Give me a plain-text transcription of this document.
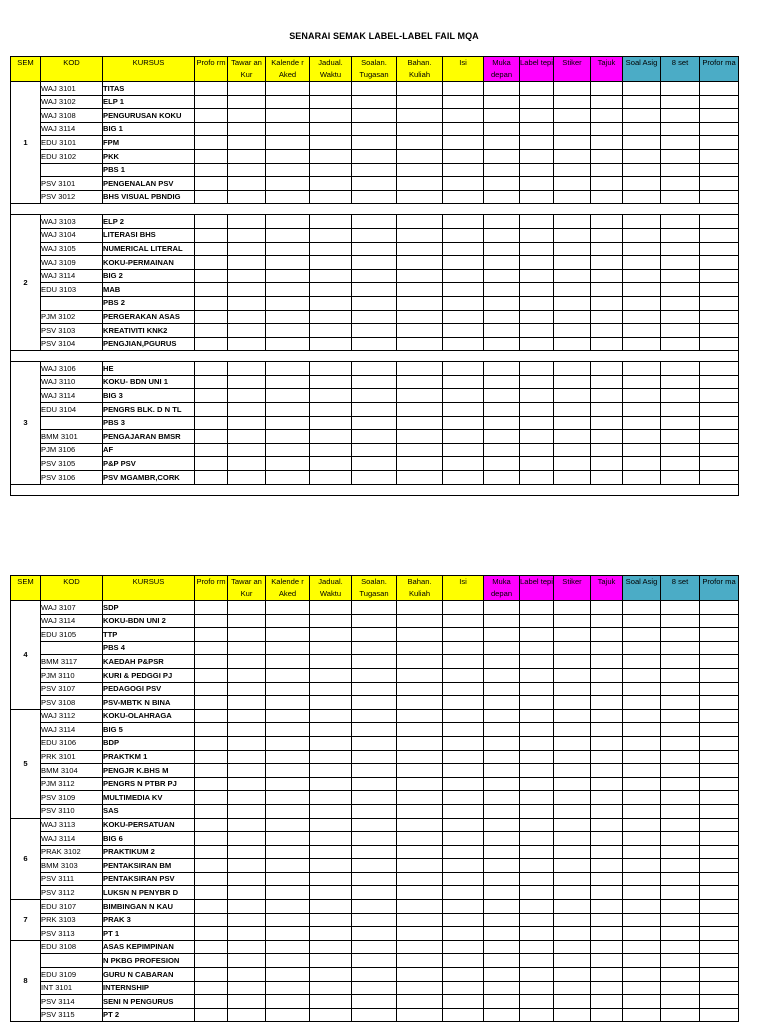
SENARAI SEMAK LABEL-LABEL FAIL MQA
SEM	KOD	KURSUS	Profo rm	Tawar an Kur	Kalende r Aked	Jadual. Waktu	Soalan. Tugasan	Bahan. Kuliah	Isi	Muka depan	Label tepi	Stiker	Tajuk	Soal Asig	8 set	Profor ma
1	WAJ 3101	TITAS														
	WAJ 3102	ELP 1														
	WAJ 3108	PENGURUSAN KOKU														
	WAJ 3114	BIG 1														
	EDU 3101	FPM														
	EDU 3102	PKK														
		PBS 1														
	PSV 3101	PENGENALAN PSV														
	PSV 3012	BHS VISUAL PBNDIG														

2	WAJ 3103	ELP 2														
	WAJ 3104	LITERASI BHS														
	WAJ 3105	NUMERICAL LITERAL														
	WAJ 3109	KOKU-PERMAINAN														
	WAJ 3114	BIG 2														
	EDU 3103	MAB														
		PBS 2														
	PJM 3102	PERGERAKAN ASAS														
	PSV 3103	KREATIVITI KNK2														
	PSV 3104	PENGJIAN,PGURUS														

3	WAJ 3106	HE														
	WAJ 3110	KOKU- BDN UNI 1														
	WAJ 3114	BIG 3														
	EDU 3104	PENGRS BLK. D N TL														
		PBS 3														
	BMM 3101	PENGAJARAN BMSR														
	PJM 3106	AF														
	PSV 3105	P&P PSV														
	PSV 3106	PSV MGAMBR,CORK														

SEM	KOD	KURSUS	Profo rm	Tawar an Kur	Kalende r Aked	Jadual. Waktu	Soalan. Tugasan	Bahan. Kuliah	Isi	Muka depan	Label tepi	Stiker	Tajuk	Soal Asig	8 set	Profor ma
4	WAJ 3107	SDP														
	WAJ 3114	KOKU-BDN UNI 2														
	EDU 3105	TTP														
		PBS 4														
	BMM 3117	KAEDAH P&PSR														
	PJM 3110	KURI & PEDGGI PJ														
	PSV 3107	PEDAGOGI PSV														
	PSV 3108	PSV-MBTK N BINA														
5	WAJ 3112	KOKU-OLAHRAGA														
	WAJ 3114	BIG 5														
	EDU 3106	BDP														
	PRK 3101	PRAKTKM 1														
	BMM 3104	PENGJR K.BHS M														
	PJM 3112	PENGRS N PTBR PJ														
	PSV 3109	MULTIMEDIA KV														
	PSV 3110	SAS														
6	WAJ 3113	KOKU-PERSATUAN														
	WAJ 3114	BIG 6														
	PRAK 3102	PRAKTIKUM 2														
	BMM 3103	PENTAKSIRAN BM														
	PSV 3111	PENTAKSIRAN PSV														
	PSV 3112	LUKSN N PENYBR D														
7	EDU 3107	BIMBINGAN N KAU														
	PRK 3103	PRAK 3														
	PSV 3113	PT 1														
8	EDU 3108	ASAS KEPIMPINAN														
		N PKBG PROFESION														
	EDU 3109	GURU N CABARAN														
	INT 3101	INTERNSHIP														
	PSV 3114	SENI N PENGURUS														
	PSV 3115	PT 2														
